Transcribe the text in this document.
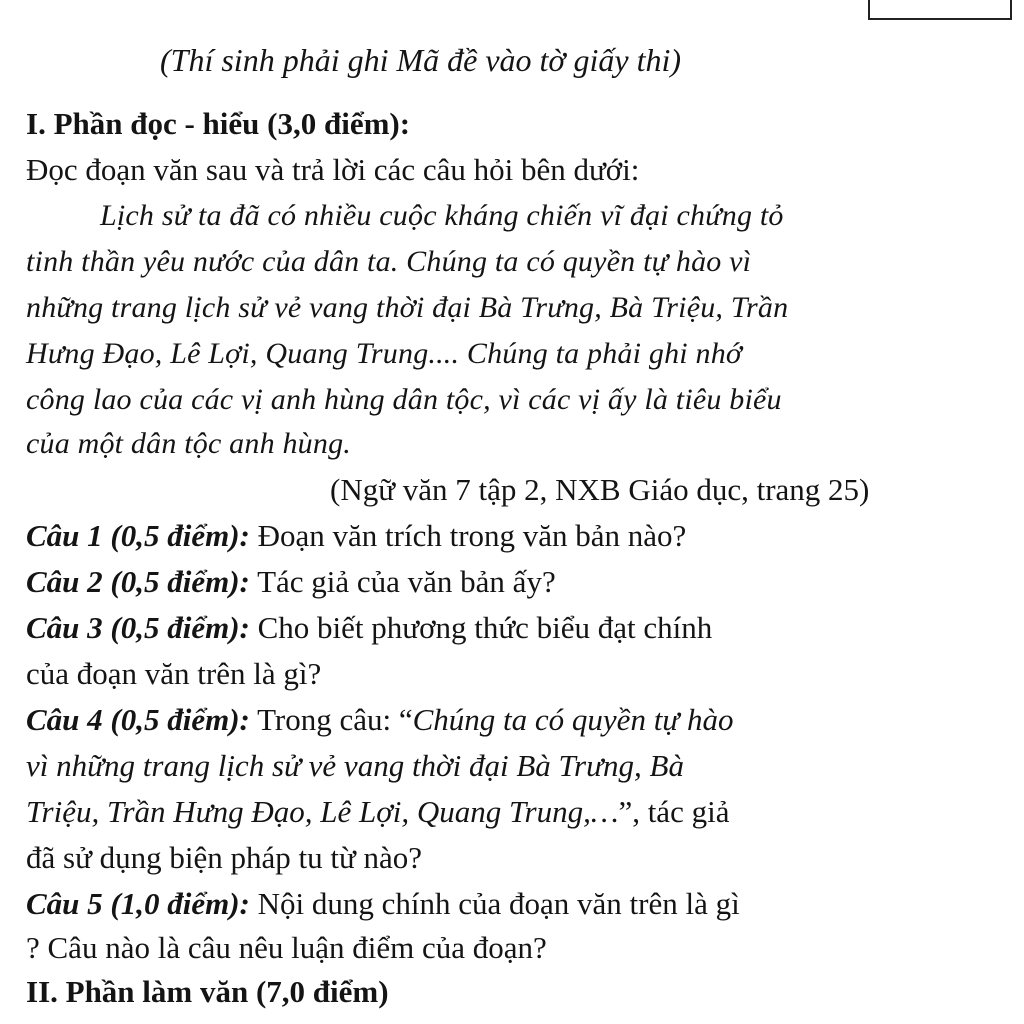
(Thí sinh phải ghi Mã đề vào tờ giấy thi)
I. Phần đọc - hiểu (3,0 điểm):
Đọc đoạn văn sau và trả lời các câu hỏi bên dưới:
Lịch sử ta đã có nhiều cuộc kháng chiến vĩ đại chứng tỏ
tinh thần yêu nước của dân ta. Chúng ta có quyền tự hào vì
những trang lịch sử vẻ vang thời đại Bà Trưng, Bà Triệu, Trần
Hưng Đạo, Lê Lợi, Quang Trung.... Chúng ta phải ghi nhớ
công lao của các vị anh hùng dân tộc, vì các vị ấy là tiêu biểu
của một dân tộc anh hùng.
(Ngữ văn 7 tập 2, NXB Giáo dục, trang 25)
Câu 1 (0,5 điểm): Đoạn văn trích trong văn bản nào?
Câu 2 (0,5 điểm): Tác giả của văn bản ấy?
Câu 3 (0,5 điểm): Cho biết phương thức biểu đạt chính
của đoạn văn trên là gì?
Câu 4 (0,5 điểm): Trong câu: “Chúng ta có quyền tự hào
vì những trang lịch sử vẻ vang thời đại Bà Trưng, Bà
Triệu, Trần Hưng Đạo, Lê Lợi, Quang Trung,…”, tác giả
đã sử dụng biện pháp tu từ nào?
Câu 5 (1,0 điểm): Nội dung chính của đoạn văn trên là gì
? Câu nào là câu nêu luận điểm của đoạn?
II. Phần làm văn (7,0 điểm)
